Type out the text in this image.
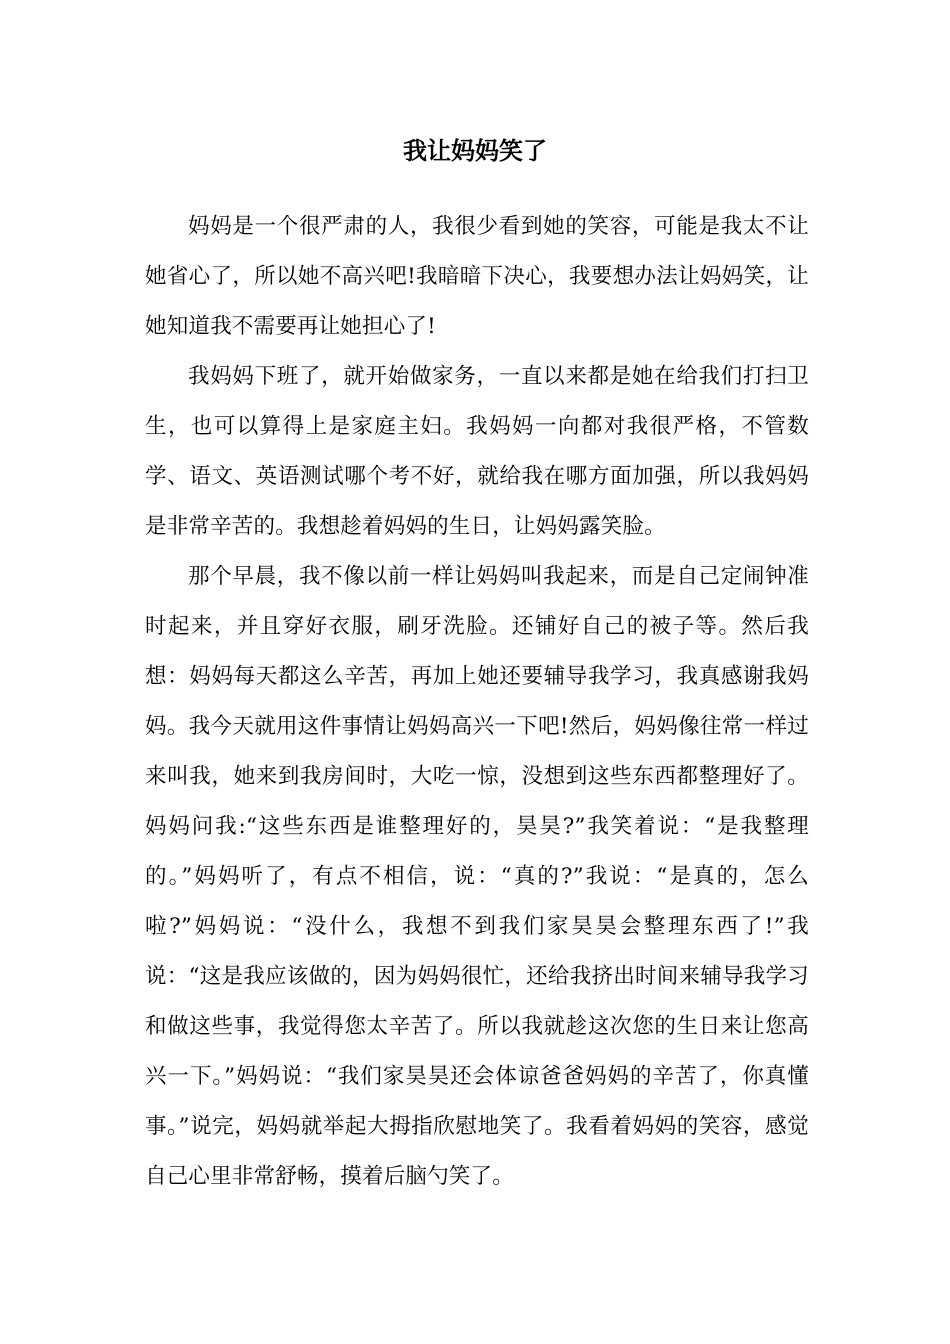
我让妈妈笑了

妈妈是一个很严肃的人，我很少看到她的笑容，可能是我太不让她省心了，所以她不高兴吧!我暗暗下决心，我要想办法让妈妈笑，让她知道我不需要再让她担心了!

我妈妈下班了，就开始做家务，一直以来都是她在给我们打扫卫生，也可以算得上是家庭主妇。我妈妈一向都对我很严格，不管数学、语文、英语测试哪个考不好，就给我在哪方面加强，所以我妈妈是非常辛苦的。我想趁着妈妈的生日，让妈妈露笑脸。

那个早晨，我不像以前一样让妈妈叫我起来，而是自己定闹钟准时起来，并且穿好衣服，刷牙洗脸。还铺好自己的被子等。然后我想：妈妈每天都这么辛苦，再加上她还要辅导我学习，我真感谢我妈妈。我今天就用这件事情让妈妈高兴一下吧!然后，妈妈像往常一样过来叫我，她来到我房间时，大吃一惊，没想到这些东西都整理好了。妈妈问我:“这些东西是谁整理好的，昊昊?”我笑着说：“是我整理的。”妈妈听了，有点不相信，说：“真的?”我说：“是真的，怎么啦?”妈妈说：“没什么，我想不到我们家昊昊会整理东西了!”我说：“这是我应该做的，因为妈妈很忙，还给我挤出时间来辅导我学习和做这些事，我觉得您太辛苦了。所以我就趁这次您的生日来让您高兴一下。”妈妈说：“我们家昊昊还会体谅爸爸妈妈的辛苦了，你真懂事。”说完，妈妈就举起大拇指欣慰地笑了。我看着妈妈的笑容，感觉自己心里非常舒畅，摸着后脑勺笑了。
